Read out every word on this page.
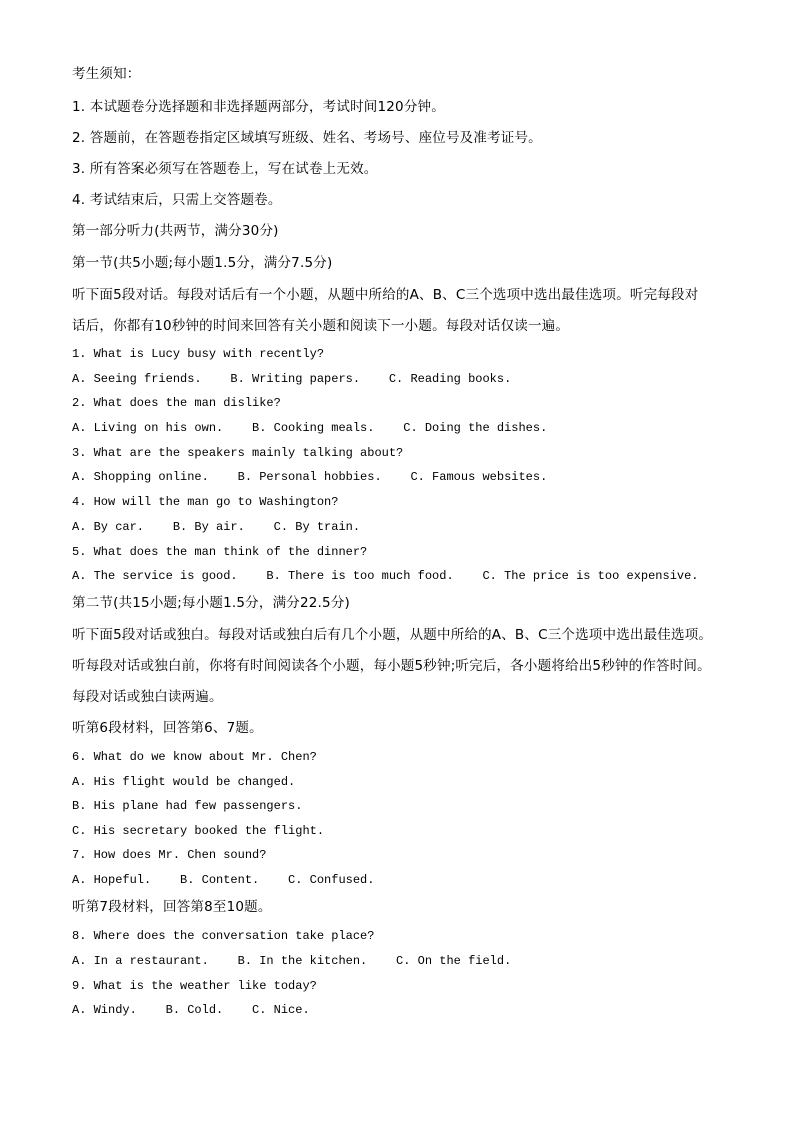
考生须知：
1. 本试题卷分选择题和非选择题两部分，考试时间120分钟。
2. 答题前，在答题卷指定区域填写班级、姓名、考场号、座位号及准考证号。
3. 所有答案必须写在答题卷上，写在试卷上无效。
4. 考试结束后，只需上交答题卷。
第一部分听力(共两节，满分30分)
第一节(共5小题;每小题1.5分，满分7.5分)
听下面5段对话。每段对话后有一个小题，从题中所给的A、B、C三个选项中选出最佳选项。听完每段对
话后，你都有10秒钟的时间来回答有关小题和阅读下一小题。每段对话仅读一遍。
1. What is Lucy busy with recently?
A. Seeing friends.    B. Writing papers.    C. Reading books.
2. What does the man dislike?
A. Living on his own.    B. Cooking meals.    C. Doing the dishes.
3. What are the speakers mainly talking about?
A. Shopping online.    B. Personal hobbies.    C. Famous websites.
4. How will the man go to Washington?
A. By car.    B. By air.    C. By train.
5. What does the man think of the dinner?
A. The service is good.    B. There is too much food.    C. The price is too expensive.
第二节(共15小题;每小题1.5分，满分22.5分)
听下面5段对话或独白。每段对话或独白后有几个小题，从题中所给的A、B、C三个选项中选出最佳选项。
听每段对话或独白前，你将有时间阅读各个小题，每小题5秒钟;听完后，各小题将给出5秒钟的作答时间。
每段对话或独白读两遍。
听第6段材料，回答第6、7题。
6. What do we know about Mr. Chen?
A. His flight would be changed.
B. His plane had few passengers.
C. His secretary booked the flight.
7. How does Mr. Chen sound?
A. Hopeful.    B. Content.    C. Confused.
听第7段材料，回答第8至10题。
8. Where does the conversation take place?
A. In a restaurant.    B. In the kitchen.    C. On the field.
9. What is the weather like today?
A. Windy.    B. Cold.    C. Nice.
